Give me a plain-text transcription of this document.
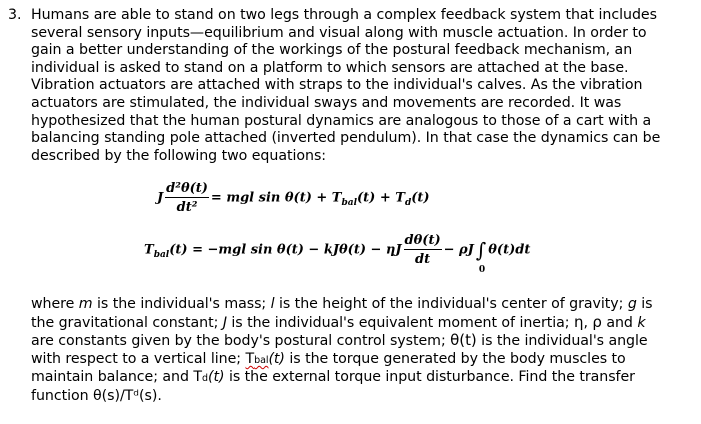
3. Humans are able to stand on two legs through a complex feedback system that includes
several sensory inputs—equilibrium and visual along with muscle actuation. In order to
gain a better understanding of the workings of the postural feedback mechanism, an
individual is asked to stand on a platform to which sensors are attached at the base.
Vibration actuators are attached with straps to the individual's calves. As the vibration
actuators are stimulated, the individual sways and movements are recorded. It was
hypothesized that the human postural dynamics are analogous to those of a cart with a
balancing standing pole attached (inverted pendulum). In that case the dynamics can be
described by the following two equations:

J $\frac{\text{d²θ(t)}}{\text{dt²}}$ = mgl $\sin \theta(t) + T_{bal}(t) + T_d(t)$
$T_{bal}(t) = -mgl$ sin θ(t) − kJθ(t) − ηJ $\frac{d\theta(t)}{dt} - \rho J$ ∫
0
θ(t)dt

where m is the individual's mass; l is the height of the individual's center of gravity; g is
the gravitational constant; J is the individual's equivalent moment of inertia; η, ρ and k
are constants given by the body's postural control system; θ(t) is the individual's angle
with respect to a vertical line; Tbal(t) is the torque generated by the body muscles to
maintain balance; and Td(t) is the external torque input disturbance. Find the transfer
function θ(s)/Tᵈ(s).
